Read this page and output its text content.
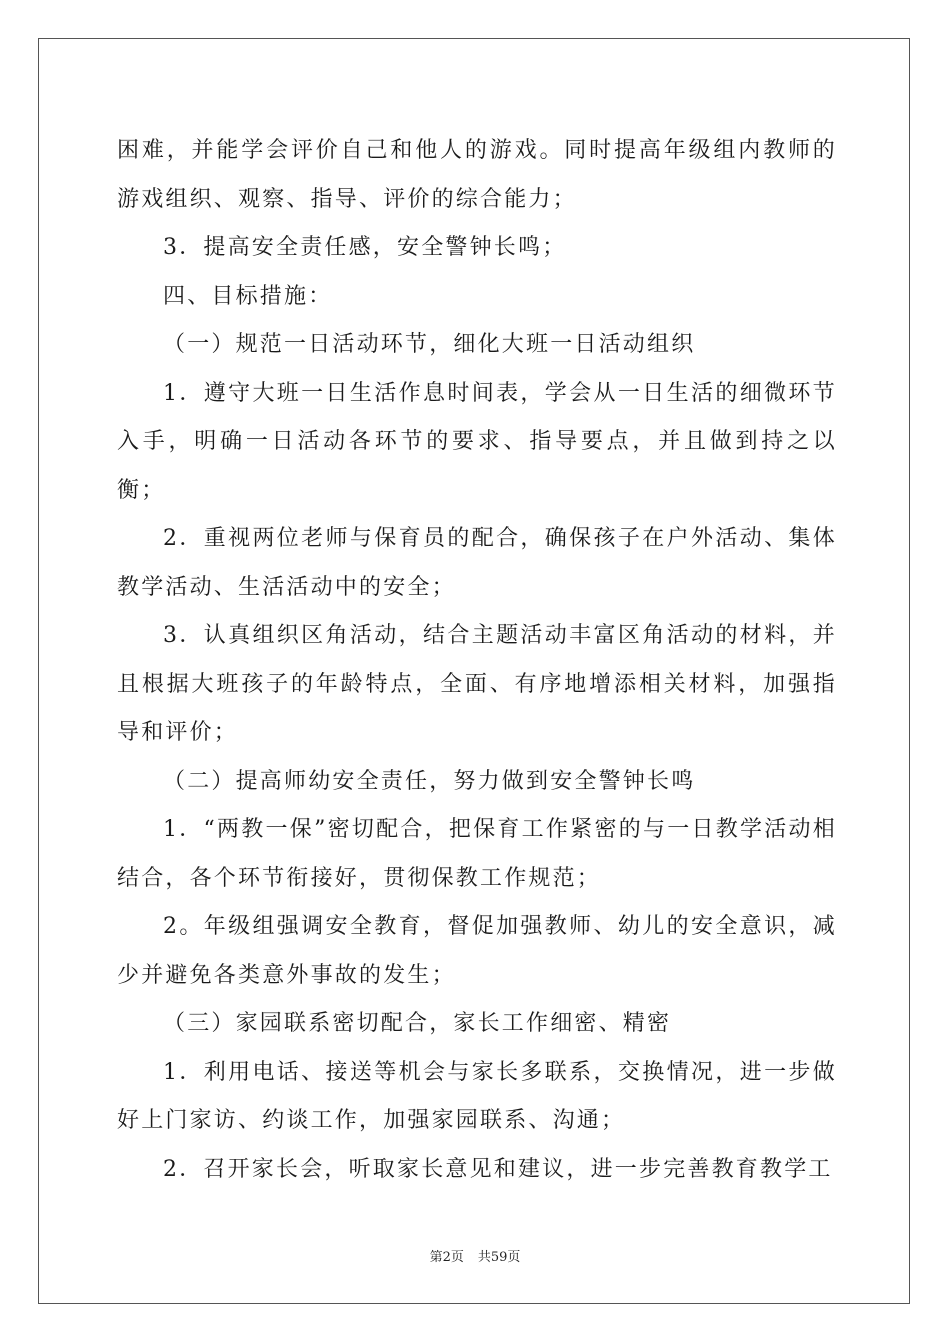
困难，并能学会评价自己和他人的游戏。同时提高年级组内教师的游戏组织、观察、指导、评价的综合能力；

3．提高安全责任感，安全警钟长鸣；

四、目标措施：

（一）规范一日活动环节，细化大班一日活动组织

1．遵守大班一日生活作息时间表，学会从一日生活的细微环节入手，明确一日活动各环节的要求、指导要点，并且做到持之以衡；

2．重视两位老师与保育员的配合，确保孩子在户外活动、集体教学活动、生活活动中的安全；

3．认真组织区角活动，结合主题活动丰富区角活动的材料，并且根据大班孩子的年龄特点，全面、有序地增添相关材料，加强指导和评价；

（二）提高师幼安全责任，努力做到安全警钟长鸣

1．“两教一保”密切配合，把保育工作紧密的与一日教学活动相结合，各个环节衔接好，贯彻保教工作规范；

2。年级组强调安全教育，督促加强教师、幼儿的安全意识，减少并避免各类意外事故的发生；

（三）家园联系密切配合，家长工作细密、精密

1．利用电话、接送等机会与家长多联系，交换情况，进一步做好上门家访、约谈工作，加强家园联系、沟通；

2．召开家长会，听取家长意见和建议，进一步完善教育教学工

第2页 共59页
